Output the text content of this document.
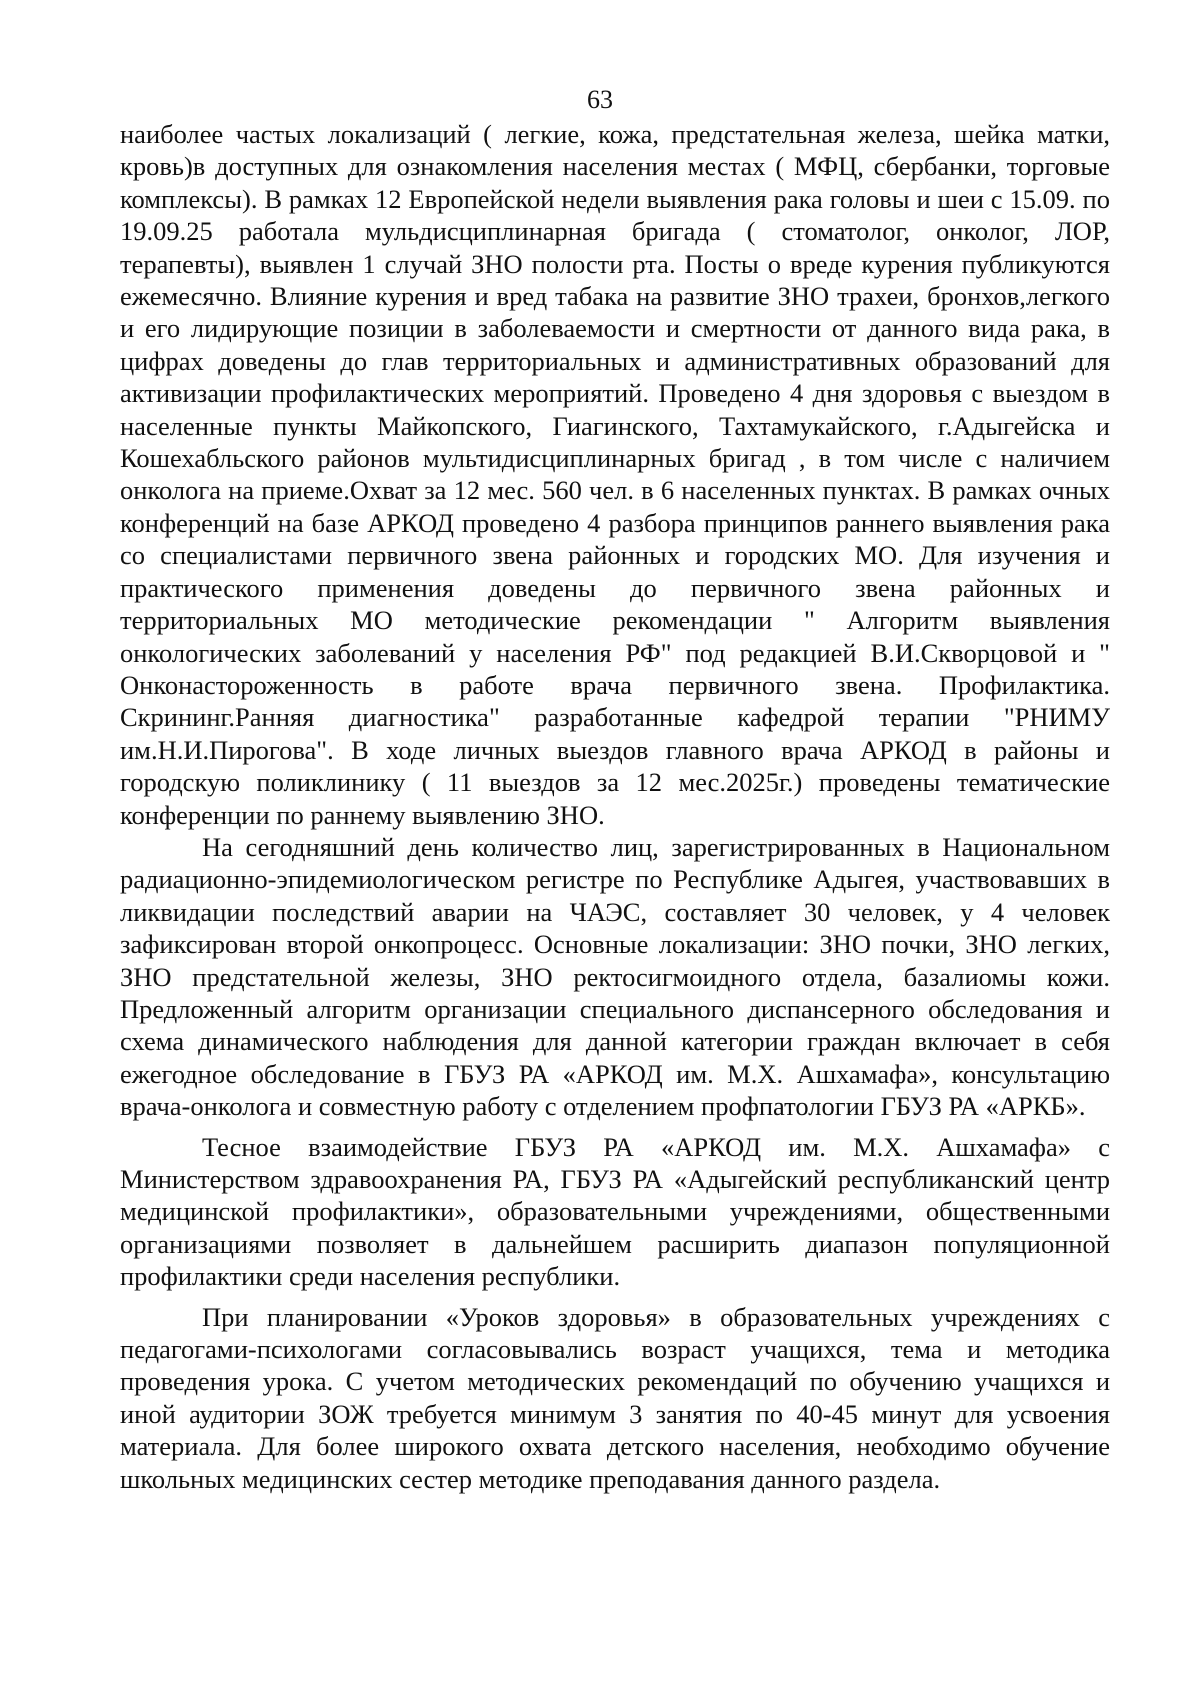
63

наиболее частых локализаций ( легкие, кожа, предстательная железа, шейка матки, кровь)в доступных для ознакомления населения местах ( МФЦ, сбербанки, торговые комплексы). В рамках 12 Европейской недели выявления рака головы и шеи с 15.09. по 19.09.25 работала мульдисциплинарная бригада ( стоматолог, онколог, ЛОР, терапевты), выявлен 1 случай ЗНО полости рта. Посты о вреде курения публикуются ежемесячно. Влияние курения и вред табака на развитие ЗНО трахеи, бронхов,легкого и его лидирующие позиции в заболеваемости и смертности от данного вида рака, в цифрах доведены до глав территориальных и административных образований для активизации профилактических мероприятий. Проведено 4 дня здоровья с выездом в населенные пункты Майкопского, Гиагинского, Тахтамукайского, г.Адыгейска и Кошехабльского районов мультидисциплинарных бригад , в том числе с наличием онколога на приеме.Охват за 12 мес. 560 чел. в 6 населенных пунктах. В рамках очных конференций на базе АРКОД проведено 4 разбора принципов раннего выявления рака со специалистами первичного звена районных и городских МО. Для изучения и практического применения доведены до первичного звена районных и территориальных МО методические рекомендации " Алгоритм выявления онкологических заболеваний у населения РФ" под редакцией В.И.Скворцовой и " Онконастороженность в работе врача первичного звена. Профилактика. Скрининг.Ранняя диагностика" разработанные кафедрой терапии "РНИМУ им.Н.И.Пирогова". В ходе личных выездов главного врача АРКОД в районы и городскую поликлинику ( 11 выездов за 12 мес.2025г.) проведены тематические конференции по раннему выявлению ЗНО.

На сегодняшний день количество лиц, зарегистрированных в Национальном радиационно-эпидемиологическом регистре по Республике Адыгея, участвовавших в ликвидации последствий аварии на ЧАЭС, составляет 30 человек, у 4 человек зафиксирован второй онкопроцесс. Основные локализации: ЗНО почки, ЗНО легких, ЗНО предстательной железы, ЗНО ректосигмоидного отдела, базалиомы кожи. Предложенный алгоритм организации специального диспансерного обследования и схема динамического наблюдения для данной категории граждан включает в себя ежегодное обследование в ГБУЗ РА «АРКОД им. М.Х. Ашхамафа», консультацию врача-онколога и совместную работу с отделением профпатологии ГБУЗ РА «АРКБ».

Тесное взаимодействие ГБУЗ РА «АРКОД им. М.Х. Ашхамафа» с Министерством здравоохранения РА, ГБУЗ РА «Адыгейский республиканский центр медицинской профилактики», образовательными учреждениями, общественными организациями позволяет в дальнейшем расширить диапазон популяционной профилактики среди населения республики.

При планировании «Уроков здоровья» в образовательных учреждениях с педагогами-психологами согласовывались возраст учащихся, тема и методика проведения урока. С учетом методических рекомендаций по обучению учащихся и иной аудитории ЗОЖ требуется минимум 3 занятия по 40-45 минут для усвоения материала. Для более широкого охвата детского населения, необходимо обучение школьных медицинских сестер методике преподавания данного раздела.
